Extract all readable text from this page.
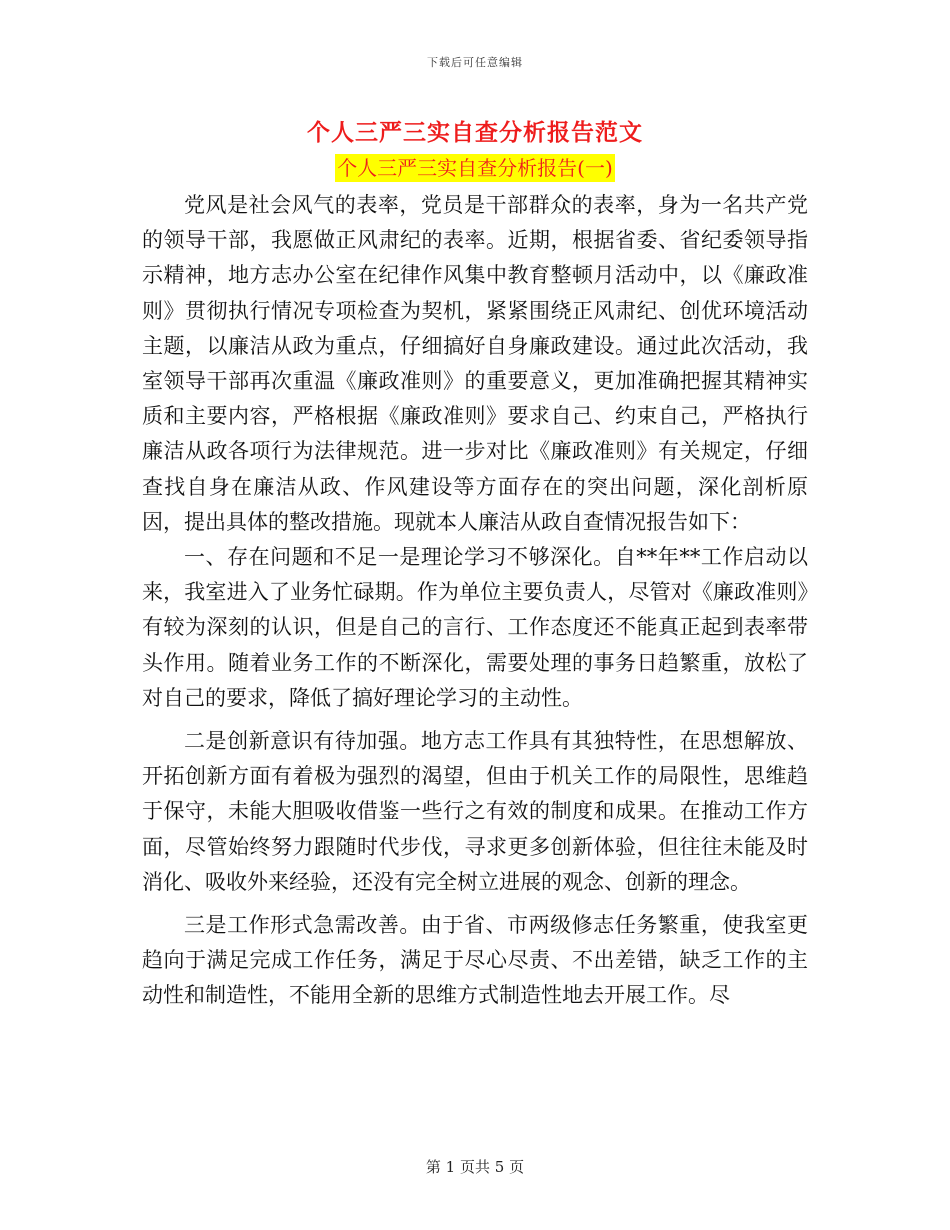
下载后可任意编辑
个人三严三实自查分析报告范文
个人三严三实自查分析报告(一)

党风是社会风气的表率，党员是干部群众的表率，身为一名共产党的领导干部，我愿做正风肃纪的表率。近期，根据省委、省纪委领导指示精神，地方志办公室在纪律作风集中教育整顿月活动中，以《廉政准则》贯彻执行情况专项检查为契机，紧紧围绕正风肃纪、创优环境活动主题，以廉洁从政为重点，仔细搞好自身廉政建设。通过此次活动，我室领导干部再次重温《廉政准则》的重要意义，更加准确把握其精神实质和主要内容，严格根据《廉政准则》要求自己、约束自己，严格执行廉洁从政各项行为法律规范。进一步对比《廉政准则》有关规定，仔细查找自身在廉洁从政、作风建设等方面存在的突出问题，深化剖析原因，提出具体的整改措施。现就本人廉洁从政自查情况报告如下：

一、存在问题和不足一是理论学习不够深化。自**年**工作启动以来，我室进入了业务忙碌期。作为单位主要负责人，尽管对《廉政准则》有较为深刻的认识，但是自己的言行、工作态度还不能真正起到表率带头作用。随着业务工作的不断深化，需要处理的事务日趋繁重，放松了对自己的要求，降低了搞好理论学习的主动性。

二是创新意识有待加强。地方志工作具有其独特性，在思想解放、开拓创新方面有着极为强烈的渴望，但由于机关工作的局限性，思维趋于保守，未能大胆吸收借鉴一些行之有效的制度和成果。在推动工作方面，尽管始终努力跟随时代步伐，寻求更多创新体验，但往往未能及时消化、吸收外来经验，还没有完全树立进展的观念、创新的理念。

三是工作形式急需改善。由于省、市两级修志任务繁重，使我室更趋向于满足完成工作任务，满足于尽心尽责、不出差错，缺乏工作的主动性和制造性，不能用全新的思维方式制造性地去开展工作。尽

第 1 页共 5 页
